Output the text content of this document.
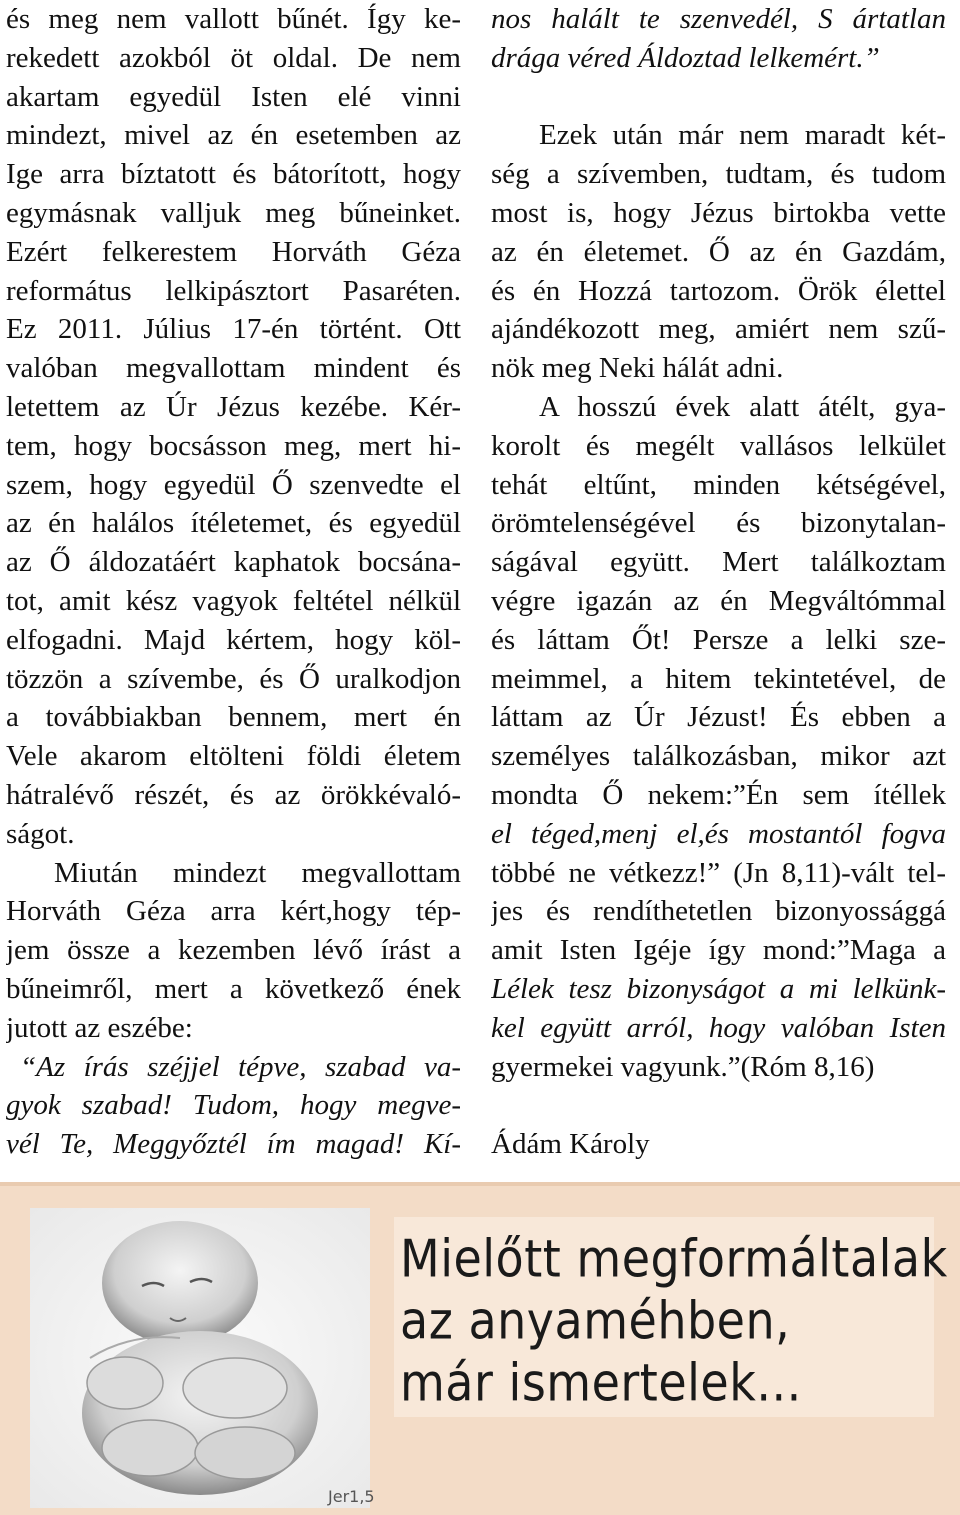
és meg nem vallott bűnét. Így ke-
rekedett azokból öt oldal. De nem
akartam egyedül Isten elé vinni
mindezt, mivel az én esetemben az
Ige arra bíztatott és bátorított, hogy
egymásnak valljuk meg bűneinket.
Ezért felkerestem Horváth Géza
református lelkipásztort Pasaréten.
Ez 2011. Július 17-én történt. Ott
valóban megvallottam mindent és
letettem az Úr Jézus kezébe. Kér-
tem, hogy bocsásson meg, mert hi-
szem, hogy egyedül Ő szenvedte el
az én halálos ítéletemet, és egyedül
az Ő áldozatáért kaphatok bocsána-
tot, amit kész vagyok feltétel nélkül
elfogadni. Majd kértem, hogy köl-
tözzön a szívembe, és Ő uralkodjon
a továbbiakban bennem, mert én
Vele akarom eltölteni földi életem
hátralévő részét, és az örökkévaló-
ságot.
Miután mindezt megvallottam
Horváth Géza arra kért,hogy tép-
jem össze a kezemben lévő írást a
bűneimről, mert a következő ének
jutott az eszébe:
“Az írás széjjel tépve, szabad va-
gyok szabad! Tudom, hogy megve-
vél Te, Meggyőztél ím magad! Kí-
nos halált te szenvedél, S ártatlan
drága véred Áldoztad lelkemért.”
Ezek után már nem maradt két-
ség a szívemben, tudtam, és tudom
most is, hogy Jézus birtokba vette
az én életemet. Ő az én Gazdám,
és én Hozzá tartozom. Örök élettel
ajándékozott meg, amiért nem szű-
nök meg Neki hálát adni.
A hosszú évek alatt átélt, gya-
korolt és megélt vallásos lelkület
tehát eltűnt, minden kétségével,
örömtelenségével és bizonytalan-
ságával együtt. Mert találkoztam
végre igazán az én Megváltómmal
és láttam Őt! Persze a lelki sze-
meimmel, a hitem tekintetével, de
láttam az Úr Jézust! És ebben a
személyes találkozásban, mikor azt
mondta Ő nekem:”Én sem ítéllek
el téged,menj el,és mostantól fogva
többé ne vétkezz!” (Jn 8,11)-vált tel-
jes és rendíthetetlen bizonyossággá
amit Isten Igéje így mond:”Maga a
Lélek tesz bizonyságot a mi lelkünk-
kel együtt arról, hogy valóban Isten
gyermekei vagyunk.”(Róm 8,16)
Ádám Károly
Mielőtt megformáltalak
az anyaméhben,
már ismertelek...
Jer1,5
